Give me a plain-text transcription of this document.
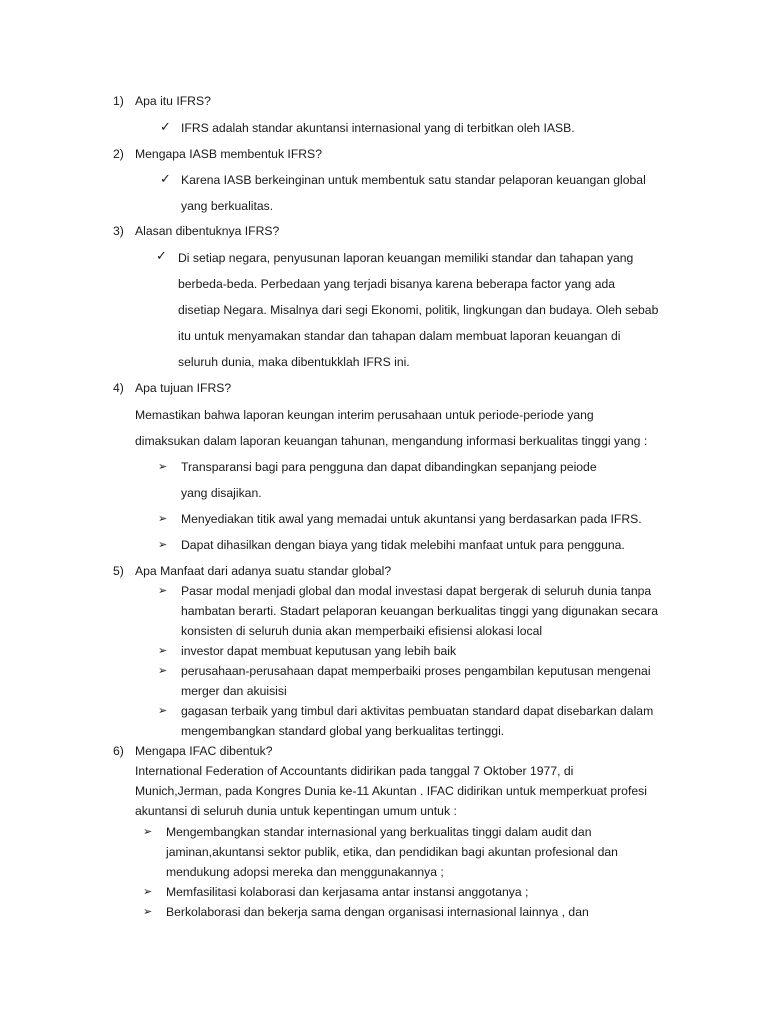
1) Apa itu IFRS?
✓ IFRS adalah standar akuntansi internasional yang di terbitkan oleh IASB.
2) Mengapa IASB membentuk IFRS?
✓ Karena IASB berkeinginan untuk membentuk satu standar pelaporan keuangan global
yang berkualitas.
3) Alasan dibentuknya IFRS?
✓ Di setiap negara, penyusunan laporan keuangan memiliki standar dan tahapan yang
berbeda-beda. Perbedaan yang terjadi bisanya karena beberapa factor yang ada
disetiap Negara. Misalnya dari segi Ekonomi, politik, lingkungan dan budaya. Oleh sebab
itu untuk menyamakan standar dan tahapan dalam membuat laporan keuangan di
seluruh dunia, maka dibentukklah IFRS ini.
4) Apa tujuan IFRS?
Memastikan bahwa laporan keungan interim perusahaan untuk periode-periode yang
dimaksukan dalam laporan keuangan tahunan, mengandung informasi berkualitas tinggi yang :
➢ Transparansi bagi para pengguna dan dapat dibandingkan sepanjang peiode
yang disajikan.
➢ Menyediakan titik awal yang memadai untuk akuntansi yang berdasarkan pada IFRS.
➢ Dapat dihasilkan dengan biaya yang tidak melebihi manfaat untuk para pengguna.
5) Apa Manfaat dari adanya suatu standar global?
➢ Pasar modal menjadi global dan modal investasi dapat bergerak di seluruh dunia tanpa
hambatan berarti. Stadart pelaporan keuangan berkualitas tinggi yang digunakan secara
konsisten di seluruh dunia akan memperbaiki efisiensi alokasi local
➢ investor dapat membuat keputusan yang lebih baik
➢ perusahaan-perusahaan dapat memperbaiki proses pengambilan keputusan mengenai
merger dan akuisisi
➢ gagasan terbaik yang timbul dari aktivitas pembuatan standard dapat disebarkan dalam
mengembangkan standard global yang berkualitas tertinggi.
6) Mengapa IFAC dibentuk?
International Federation of Accountants didirikan pada tanggal 7 Oktober 1977, di
Munich,Jerman, pada Kongres Dunia ke-11 Akuntan . IFAC didirikan untuk memperkuat profesi
akuntansi di seluruh dunia untuk kepentingan umum untuk :
➢ Mengembangkan standar internasional yang berkualitas tinggi dalam audit dan
jaminan,akuntansi sektor publik, etika, dan pendidikan bagi akuntan profesional dan
mendukung adopsi mereka dan menggunakannya ;
➢ Memfasilitasi kolaborasi dan kerjasama antar instansi anggotanya ;
➢ Berkolaborasi dan bekerja sama dengan organisasi internasional lainnya , dan
